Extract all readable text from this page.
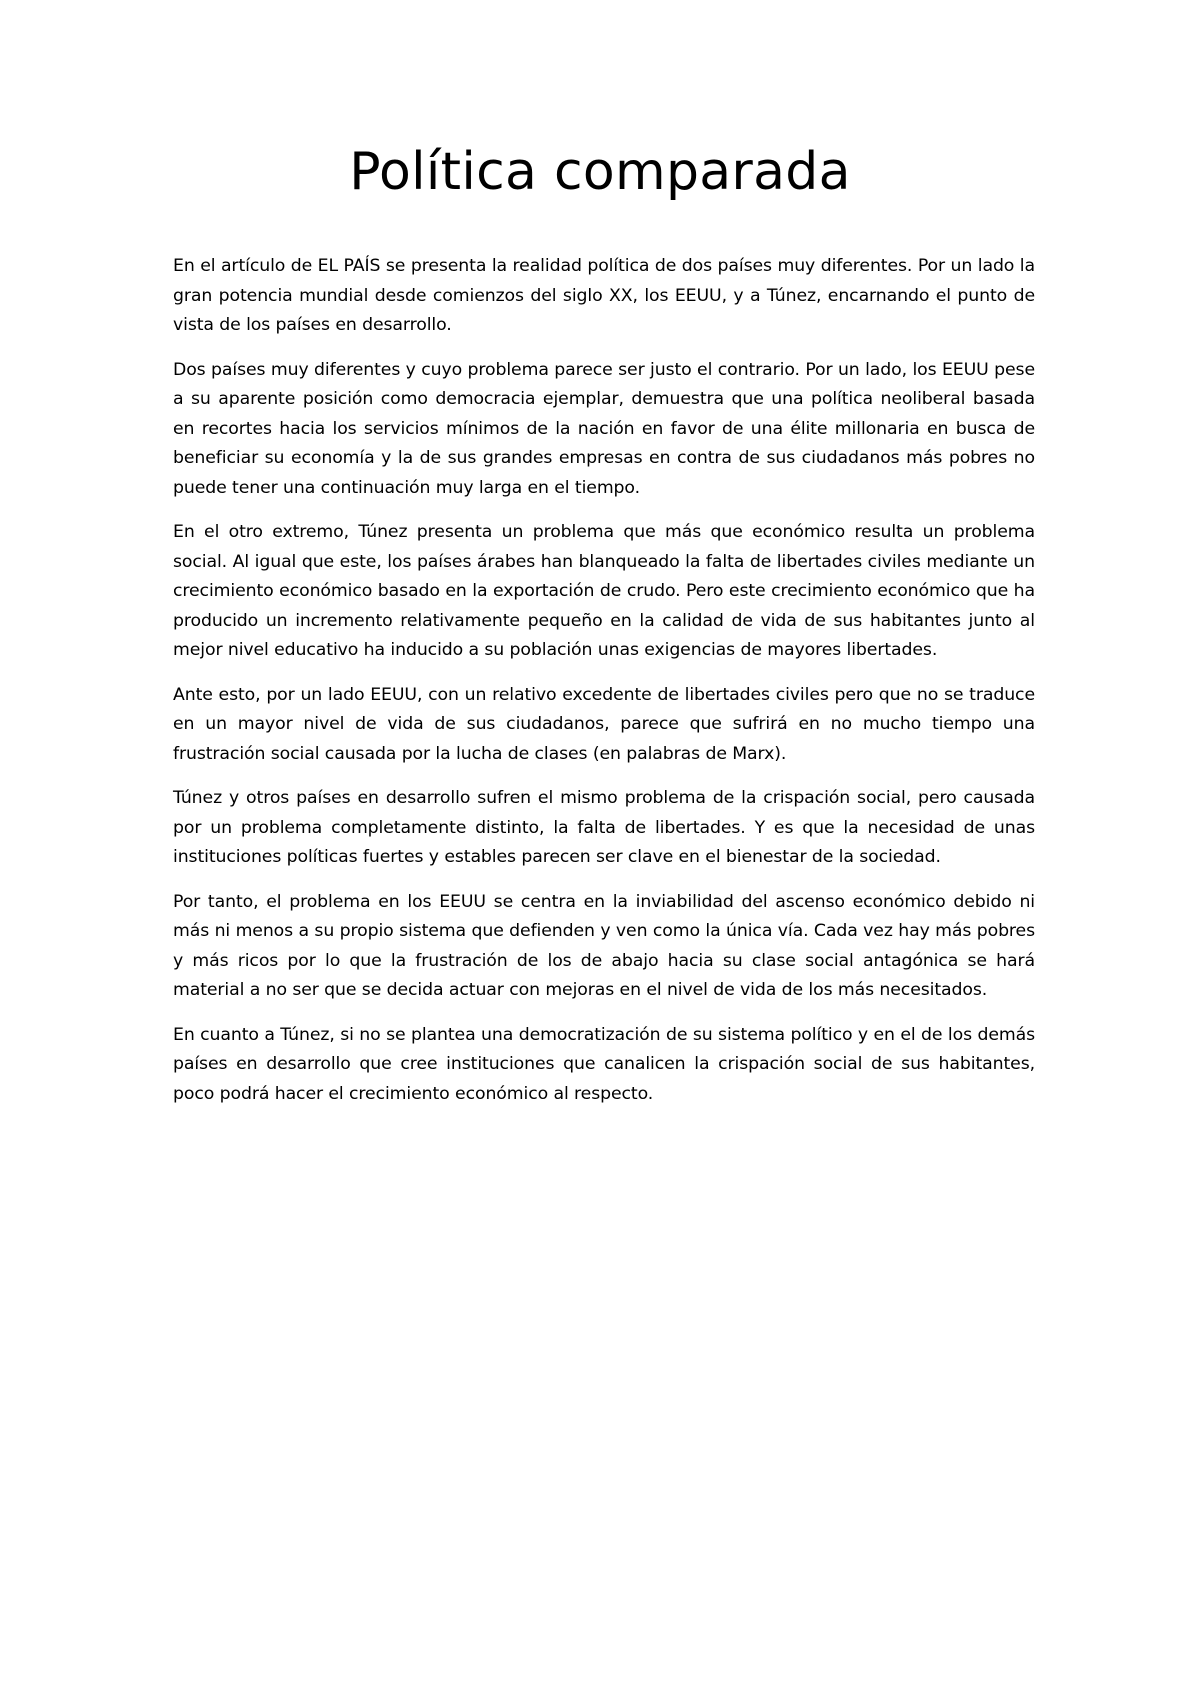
Política comparada

En el artículo de EL PAÍS se presenta la realidad política de dos países muy diferentes. Por un lado la gran potencia mundial desde comienzos del siglo XX, los EEUU, y a Túnez, encarnando el punto de vista de los países en desarrollo.

Dos países muy diferentes y cuyo problema parece ser justo el contrario. Por un lado, los EEUU pese a su aparente posición como democracia ejemplar, demuestra que una política neoliberal basada en recortes hacia los servicios mínimos de la nación en favor de una élite millonaria en busca de beneficiar su economía y la de sus grandes empresas en contra de sus ciudadanos más pobres no puede tener una continuación muy larga en el tiempo.

En el otro extremo, Túnez presenta un problema que más que económico resulta un problema social. Al igual que este, los países árabes han blanqueado la falta de libertades civiles mediante un crecimiento económico basado en la exportación de crudo. Pero este crecimiento económico que ha producido un incremento relativamente pequeño en la calidad de vida de sus habitantes junto al mejor nivel educativo ha inducido a su población unas exigencias de mayores libertades.

Ante esto, por un lado EEUU, con un relativo excedente de libertades civiles pero que no se traduce en un mayor nivel de vida de sus ciudadanos, parece que sufrirá en no mucho tiempo una frustración social causada por la lucha de clases (en palabras de Marx).

Túnez y otros países en desarrollo sufren el mismo problema de la crispación social, pero causada por un problema completamente distinto, la falta de libertades. Y es que la necesidad de unas instituciones políticas fuertes y estables parecen ser clave en el bienestar de la sociedad.

Por tanto, el problema en los EEUU se centra en la inviabilidad del ascenso económico debido ni más ni menos a su propio sistema que defienden y ven como la única vía. Cada vez hay más pobres y más ricos por lo que la frustración de los de abajo hacia su clase social antagónica se hará material a no ser que se decida actuar con mejoras en el nivel de vida de los más necesitados.

En cuanto a Túnez, si no se plantea una democratización de su sistema político y en el de los demás países en desarrollo que cree instituciones que canalicen la crispación social de sus habitantes, poco podrá hacer el crecimiento económico al respecto.
